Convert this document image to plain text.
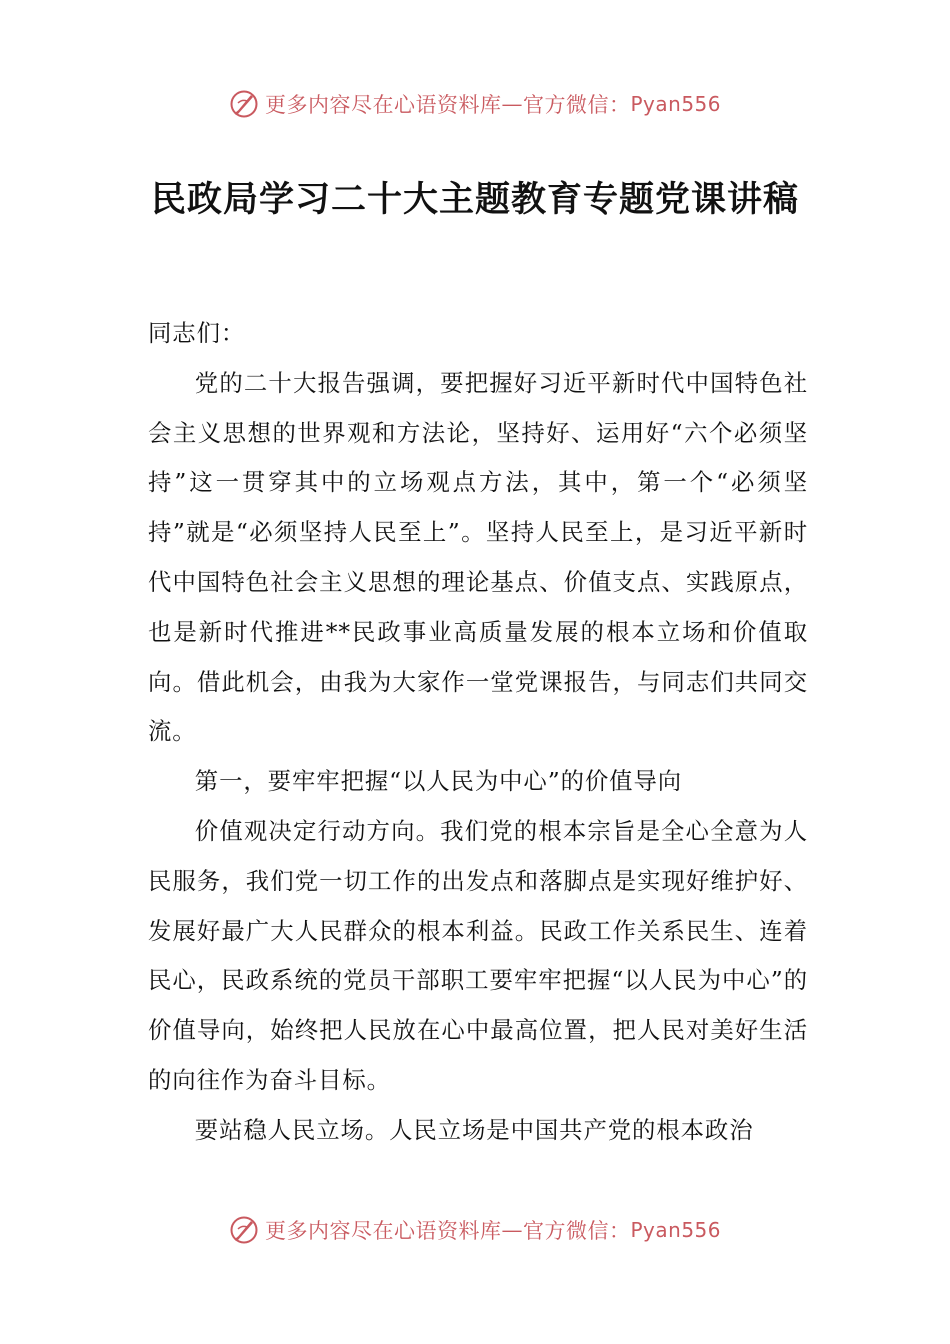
更多内容尽在心语资料库 — 官方微信： Pyan556
民政局学习二十大主题教育专题党课讲稿

同志们：

党的二十大报告强调，要把握好习近平新时代中国特色社会主义思想的世界观和方法论，坚持好、运用好“六个必须坚持”这一贯穿其中的立场观点方法，其中，第一个“必须坚持”就是“必须坚持人民至上”。坚持人民至上，是习近平新时代中国特色社会主义思想的理论基点、价值支点、实践原点，也是新时代推进**民政事业高质量发展的根本立场和价值取向。借此机会，由我为大家作一堂党课报告，与同志们共同交流。

第一，要牢牢把握“以人民为中心”的价值导向

价值观决定行动方向。我们党的根本宗旨是全心全意为人民服务，我们党一切工作的出发点和落脚点是实现好维护好、发展好最广大人民群众的根本利益。民政工作关系民生、连着民心，民政系统的党员干部职工要牢牢把握“以人民为中心”的价值导向，始终把人民放在心中最高位置，把人民对美好生活的向往作为奋斗目标。

要站稳人民立场。人民立场是中国共产党的根本政治

更多内容尽在心语资料库 — 官方微信： Pyan556
